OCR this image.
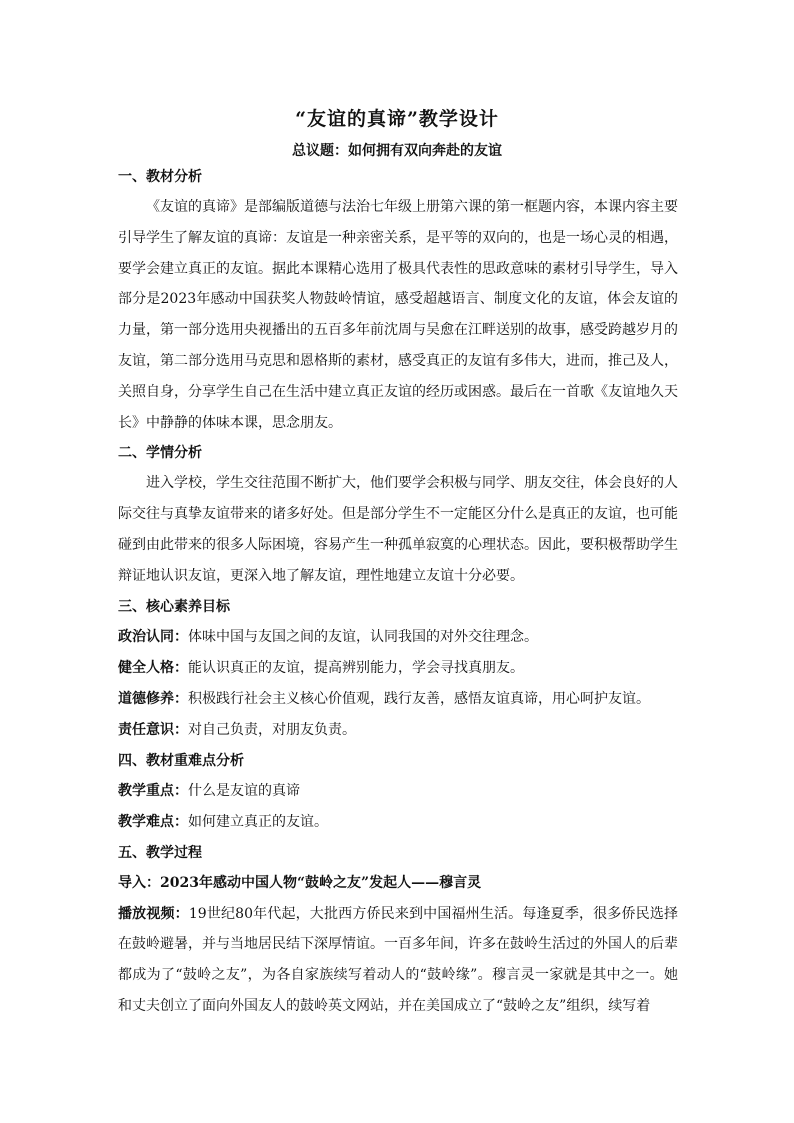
“友谊的真谛”教学设计
总议题：如何拥有双向奔赴的友谊

一、教材分析

《友谊的真谛》是部编版道德与法治七年级上册第六课的第一框题内容，本课内容主要引导学生了解友谊的真谛：友谊是一种亲密关系，是平等的双向的，也是一场心灵的相遇，要学会建立真正的友谊。据此本课精心选用了极具代表性的思政意味的素材引导学生，导入部分是2023年感动中国获奖人物鼓岭情谊，感受超越语言、制度文化的友谊，体会友谊的力量，第一部分选用央视播出的五百多年前沈周与吴愈在江畔送别的故事，感受跨越岁月的友谊，第二部分选用马克思和恩格斯的素材，感受真正的友谊有多伟大，进而，推己及人，关照自身，分享学生自己在生活中建立真正友谊的经历或困惑。最后在一首歌《友谊地久天长》中静静的体味本课，思念朋友。

二、学情分析

进入学校，学生交往范围不断扩大，他们要学会积极与同学、朋友交往，体会良好的人际交往与真挚友谊带来的诸多好处。但是部分学生不一定能区分什么是真正的友谊，也可能碰到由此带来的很多人际困境，容易产生一种孤单寂寞的心理状态。因此，要积极帮助学生辩证地认识友谊，更深入地了解友谊，理性地建立友谊十分必要。

三、核心素养目标

政治认同：体味中国与友国之间的友谊，认同我国的对外交往理念。

健全人格：能认识真正的友谊，提高辨别能力，学会寻找真朋友。

道德修养：积极践行社会主义核心价值观，践行友善，感悟友谊真谛，用心呵护友谊。

责任意识：对自己负责，对朋友负责。

四、教材重难点分析

教学重点：什么是友谊的真谛

教学难点：如何建立真正的友谊。

五、教学过程

导入：2023年感动中国人物“鼓岭之友”发起人——穆言灵

播放视频：19世纪80年代起，大批西方侨民来到中国福州生活。每逢夏季，很多侨民选择在鼓岭避暑，并与当地居民结下深厚情谊。一百多年间，许多在鼓岭生活过的外国人的后辈都成为了“鼓岭之友”，为各自家族续写着动人的“鼓岭缘”。穆言灵一家就是其中之一。她和丈夫创立了面向外国友人的鼓岭英文网站，并在美国成立了“鼓岭之友”组织，续写着
